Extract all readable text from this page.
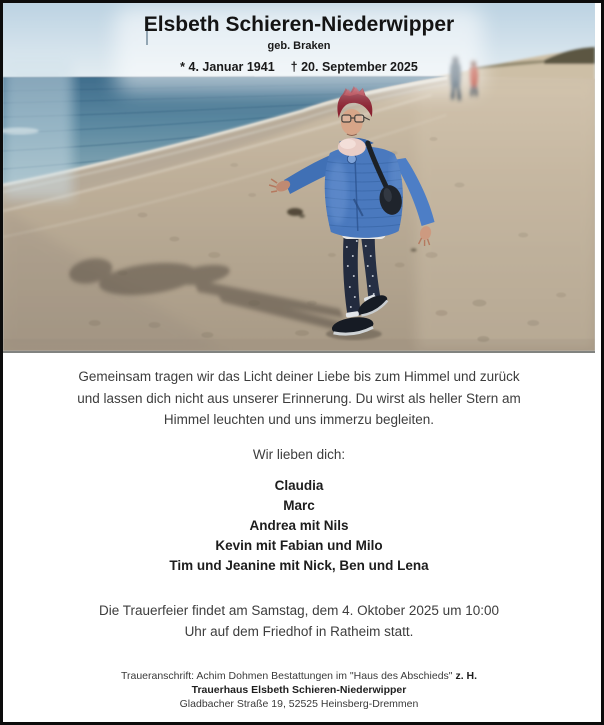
Elsbeth Schieren-Niederwipper
geb. Braken
* 4. Januar 1941 † 20. September 2025
Gemeinsam tragen wir das Licht deiner Liebe bis zum Himmel und zurück
und lassen dich nicht aus unserer Erinnerung. Du wirst als heller Stern am
Himmel leuchten und uns immerzu begleiten.
Wir lieben dich:
Claudia
Marc
Andrea mit Nils
Kevin mit Fabian und Milo
Tim und Jeanine mit Nick, Ben und Lena
Die Trauerfeier findet am Samstag, dem 4. Oktober 2025 um 10:00
Uhr auf dem Friedhof in Ratheim statt.
Traueranschrift: Achim Dohmen Bestattungen im "Haus des Abschieds" z. H.
Trauerhaus Elsbeth Schieren-Niederwipper
Gladbacher Straße 19, 52525 Heinsberg-Dremmen
